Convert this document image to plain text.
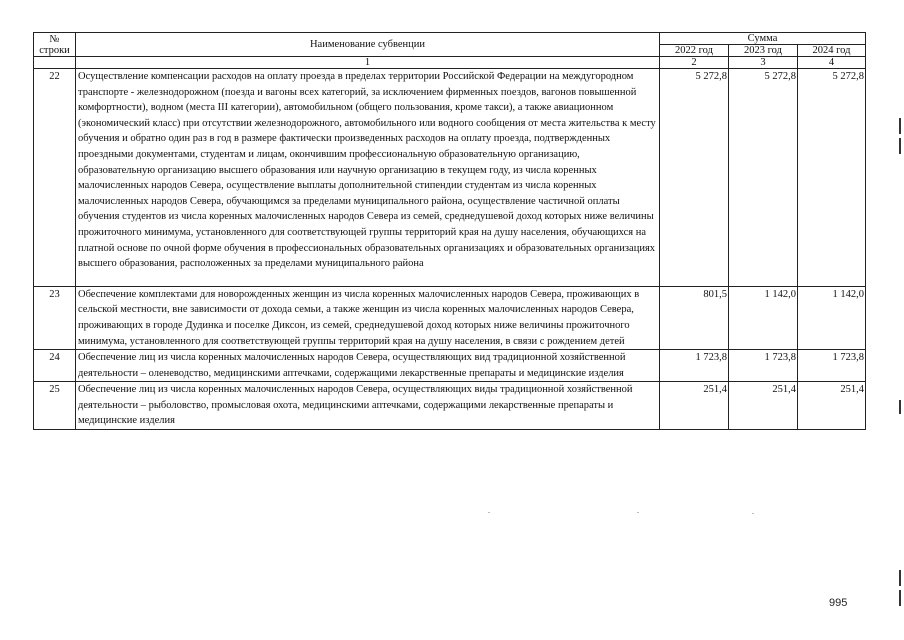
№
строки	Наименование субвенции	Сумма		
		2022 год	2023 год	2024 год
	1	2	3	4
22	Осуществление компенсации расходов на оплату проезда в пределах территории Российской Федерации на междугородном транспорте - железнодорожном (поезда и вагоны всех категорий, за исключением фирменных поездов, вагонов повышенной комфортности), водном (места III категории), автомобильном (общего пользования, кроме такси), а также авиационном (экономический класс) при отсутствии железнодорожного, автомобильного или водного сообщения от места жительства к месту обучения и обратно один раз в год в размере фактически произведенных расходов на оплату проезда, подтвержденных проездными документами, студентам и лицам, окончившим профессиональную образовательную организацию, образовательную организацию высшего образования или научную организацию в текущем году, из числа коренных малочисленных народов Севера, осуществление выплаты дополнительной стипендии студентам из числа коренных малочисленных народов Севера, обучающимся за пределами муниципального района, осуществление частичной оплаты обучения студентов из числа коренных малочисленных народов Севера из семей, среднедушевой доход которых ниже величины прожиточного минимума, установленного для соответствующей группы территорий края на душу населения, обучающихся на платной основе по очной форме обучения в профессиональных образовательных организациях и образовательных организациях высшего образования, расположенных за пределами муниципального района	5 272,8	5 272,8	5 272,8
23	Обеспечение комплектами для новорожденных женщин из числа коренных малочисленных народов Севера, проживающих в сельской местности, вне зависимости от дохода семьи, а также женщин из числа коренных малочисленных народов Севера, проживающих в городе Дудинка и поселке Диксон, из семей, среднедушевой доход которых ниже величины прожиточного минимума, установленного для соответствующей группы территорий края на душу населения, в связи с рождением детей	801,5	1 142,0	1 142,0
24	Обеспечение лиц из числа коренных малочисленных народов Севера, осуществляющих вид традиционной хозяйственной деятельности – оленеводство, медицинскими аптечками, содержащими лекарственные препараты и медицинские изделия	1 723,8	1 723,8	1 723,8
25	Обеспечение лиц из числа коренных малочисленных народов Севера, осуществляющих виды традиционной хозяйственной деятельности – рыболовство, промысловая охота, медицинскими аптечками, содержащими лекарственные препараты и медицинские изделия	251,4	251,4	251,4
995
